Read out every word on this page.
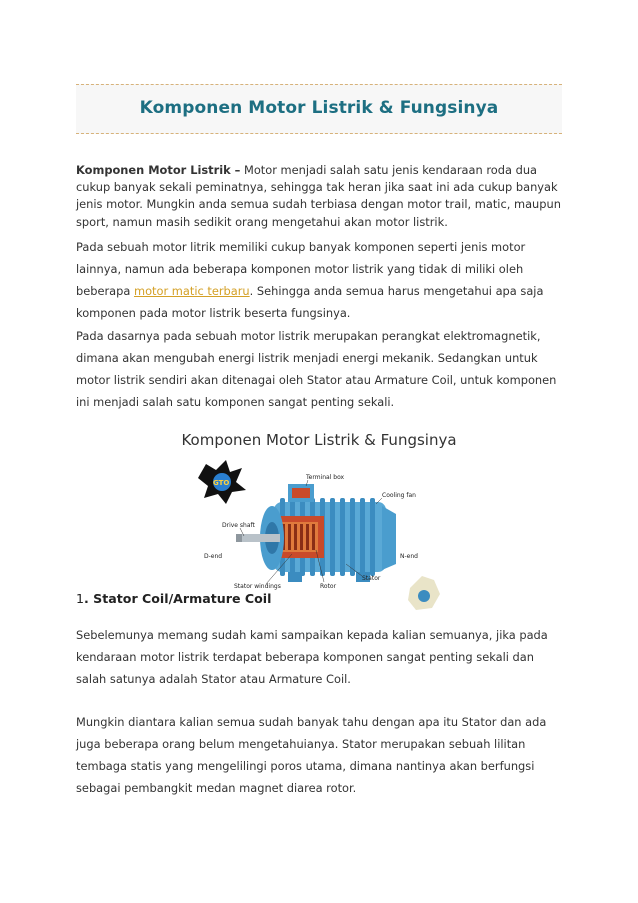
Komponen Motor Listrik & Fungsinya

Komponen Motor Listrik – Motor menjadi salah satu jenis kendaraan roda dua cukup banyak sekali peminatnya, sehingga tak heran jika saat ini ada cukup banyak jenis motor. Mungkin anda semua sudah terbiasa dengan motor trail, matic, maupun sport, namun masih sedikit orang mengetahui akan motor listrik.

Pada sebuah motor litrik memiliki cukup banyak komponen seperti jenis motor lainnya, namun ada beberapa komponen motor listrik yang tidak di miliki oleh beberapa motor matic terbaru. Sehingga anda semua harus mengetahui apa saja komponen pada motor listrik beserta fungsinya.

Pada dasarnya pada sebuah motor listrik merupakan perangkat elektromagnetik, dimana akan mengubah energi listrik menjadi energi mekanik. Sedangkan untuk motor listrik sendiri akan ditenagai oleh Stator atau Armature Coil, untuk komponen ini menjadi salah satu komponen sangat penting sekali.

Komponen Motor Listrik & Fungsinya
GTO
Terminal box
Cooling fan
Drive shaft
D-end	N-end
Stator windings
Stator
Rotor
1. Stator Coil/Armature Coil

Sebelemunya memang sudah kami sampaikan kepada kalian semuanya, jika pada kendaraan motor listrik terdapat beberapa komponen sangat penting sekali dan salah satunya adalah Stator atau Armature Coil.

Mungkin diantara kalian semua sudah banyak tahu dengan apa itu Stator dan ada juga beberapa orang belum mengetahuianya. Stator merupakan sebuah lilitan tembaga statis yang mengelilingi poros utama, dimana nantinya akan berfungsi sebagai pembangkit medan magnet diarea rotor.
